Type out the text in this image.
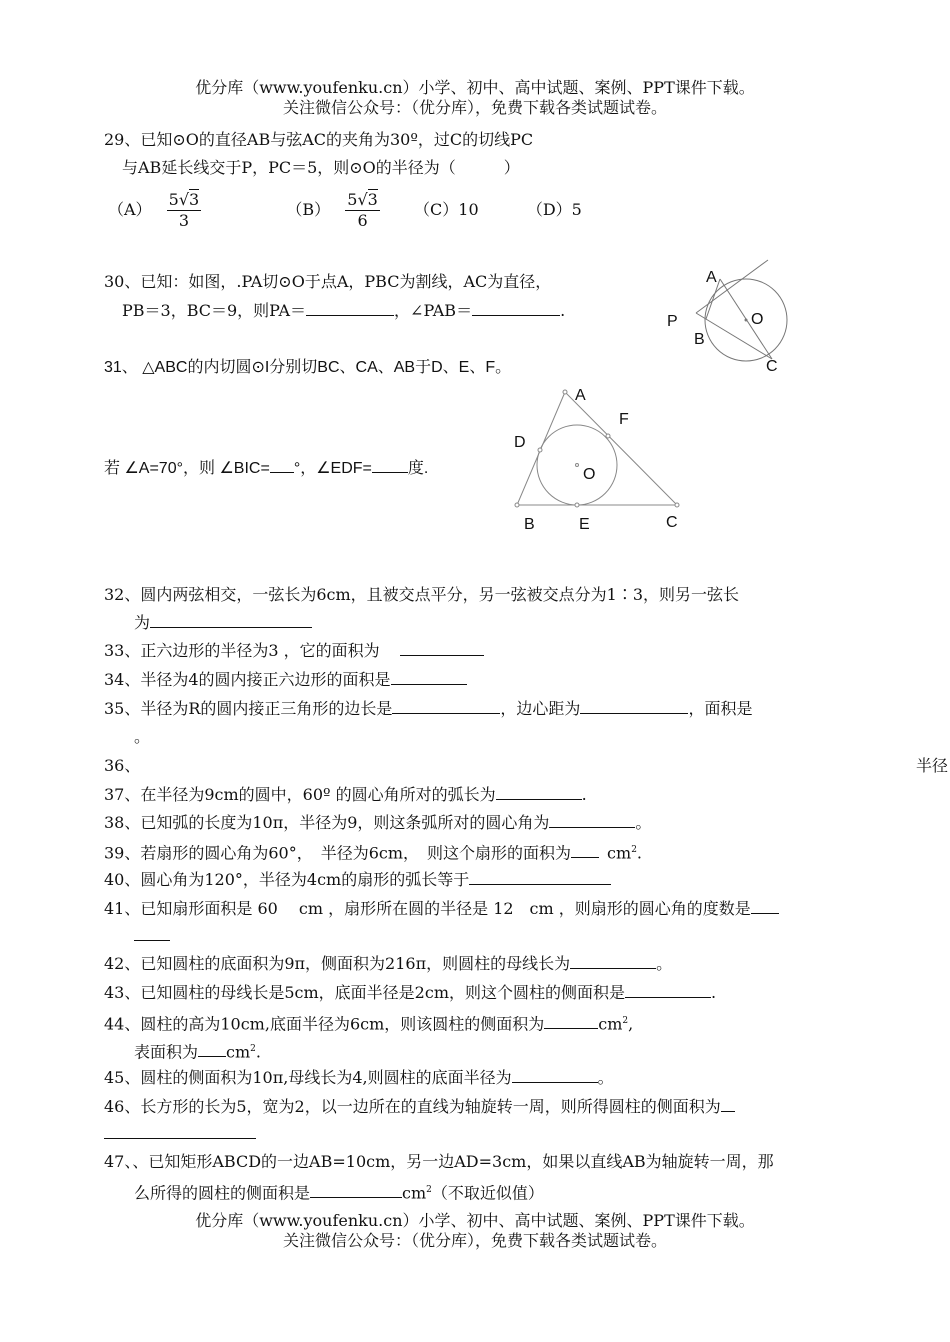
优分库（www.youfenku.cn）小学、初中、高中试题、案例、PPT课件下载。
关注微信公众号：（优分库），免费下载各类试题试卷。
29、已知⊙O的直径AB与弦AC的夹角为30º，过C的切线PC
与AB延长线交于P，PC＝5，则⊙O的半径为（　　　）
$(A) \frac{5√3}{3}$	$(B) \frac{5√3}{6} (C)10$	（D）5
30、已知：如图，.PA切⊙O于点A，PBC为割线，AC为直径，
PB＝3，BC＝9，则PA＝	，∠PAB＝	.
A
P	O
B
C
31、 △ABC的内切圆⊙I分别切BC、CA、AB于D、E、F。
若 ∠A=70°，则 ∠BIC= °，∠EDF= 度.
A
F
D
O
B	E	C
32、圆内两弦相交，一弦长为6cm，且被交点平分，另一弦被交点分为1∶3，则另一弦长
为
33、正六边形的半径为3 ，它的面积为
34、半径为4的圆内接正六边形的面积是
35、半径为R的圆内接正三角形的边长是	，边心距为	，面积是
。
36、	半径
37、在半径为9cm的圆中，60º 的圆心角所对的弧长为	.
38、已知弧的长度为10π，半径为9，则这条弧所对的圆心角为	。
39、若扇形的圆心角为60°，　半径为6cm，　则这个扇形的面积为 $cm^2$.
40、圆心角为120°，半径为4cm的扇形的弧长等于
41、已知扇形面积是 60　 cm ，扇形所在圆的半径是 12　cm ，则扇形的圆心角的度数是
42、已知圆柱的底面积为9π，侧面积为216π，则圆柱的母线长为	。
43、已知圆柱的母线长是5cm，底面半径是2cm，则这个圆柱的侧面积是	.
44、圆柱的高为10cm,底面半径为6cm，则该圆柱的侧面积为	$cm^2$,
表面积为 $cm^2$.
45、圆柱的侧面积为10π,母线长为4,则圆柱的底面半径为	。
46、长方形的长为5，宽为2，以一边所在的直线为轴旋转一周，则所得圆柱的侧面积为
47、、已知矩形ABCD的一边AB=10cm，另一边AD=3cm，如果以直线AB为轴旋转一周，那
么所得的圆柱的侧面积是	$cm^2$（不取近似值）
优分库（www.youfenku.cn）小学、初中、高中试题、案例、PPT课件下载。
关注微信公众号：（优分库），免费下载各类试题试卷。
